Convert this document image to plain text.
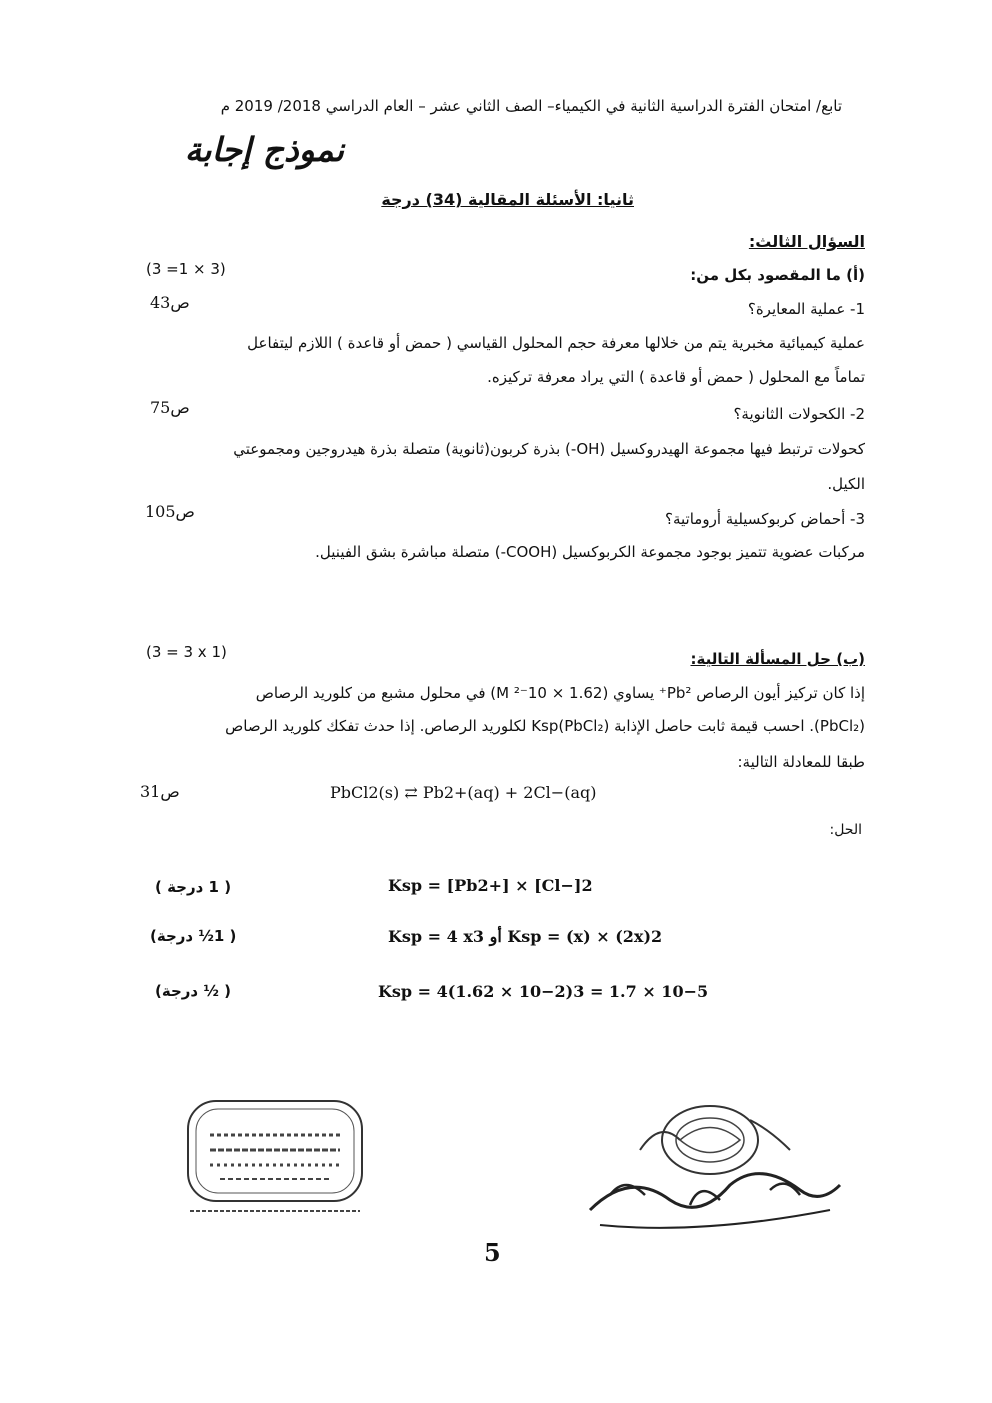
تابع/ امتحان الفترة الدراسية الثانية في الكيمياء– الصف الثاني عشر – العام الدراسي 2018/ 2019 م
نموذج إجابة
ثانيا: الأسئلة المقالية (34) درجة
السؤال الثالث:
(أ) ما المقصود بكل من:
(3 =1 × 3)
1- عملية المعايرة؟
ص43
عملية كيميائية مخبرية يتم من خلالها معرفة حجم المحلول القياسي ( حمض أو قاعدة ) اللازم ليتفاعل
تماماً مع المحلول ( حمض أو قاعدة ) التي يراد معرفة تركيزه.
2- الكحولات الثانوية؟
ص75
كحولات ترتبط فيها مجموعة الهيدروكسيل (OH-) بذرة كربون(ثانوية) متصلة بذرة هيدروجين ومجموعتي
الكيل.
3- أحماض كربوكسيلية أروماتية؟
ص105
مركبات عضوية تتميز بوجود مجموعة الكربوكسيل (COOH-) متصلة مباشرة بشق الفينيل.
(ب) حل المسألة التالية:
(3 = 3 x 1)
إذا كان تركيز أيون الرصاص Pb²⁺ يساوي (1.62 × 10⁻² M) في محلول مشبع من كلوريد الرصاص
(PbCl₂). احسب قيمة ثابت حاصل الإذابة Ksp(PbCl₂) لكلوريد الرصاص. إذا حدث تفكك كلوريد الرصاص
طبقا للمعادلة التالية:
ص31	PbCl2(s) ⇄ Pb2+(aq) + 2Cl−(aq)
الحل:
( 1 درجة )	Ksp = [Pb2+] × [Cl−]2
( 1½ درجة)	Ksp = 4 x3 أو Ksp = (x) × (2x)2
( ½ درجة)	Ksp = 4(1.62 × 10−2)3 = 1.7 × 10−5
5
